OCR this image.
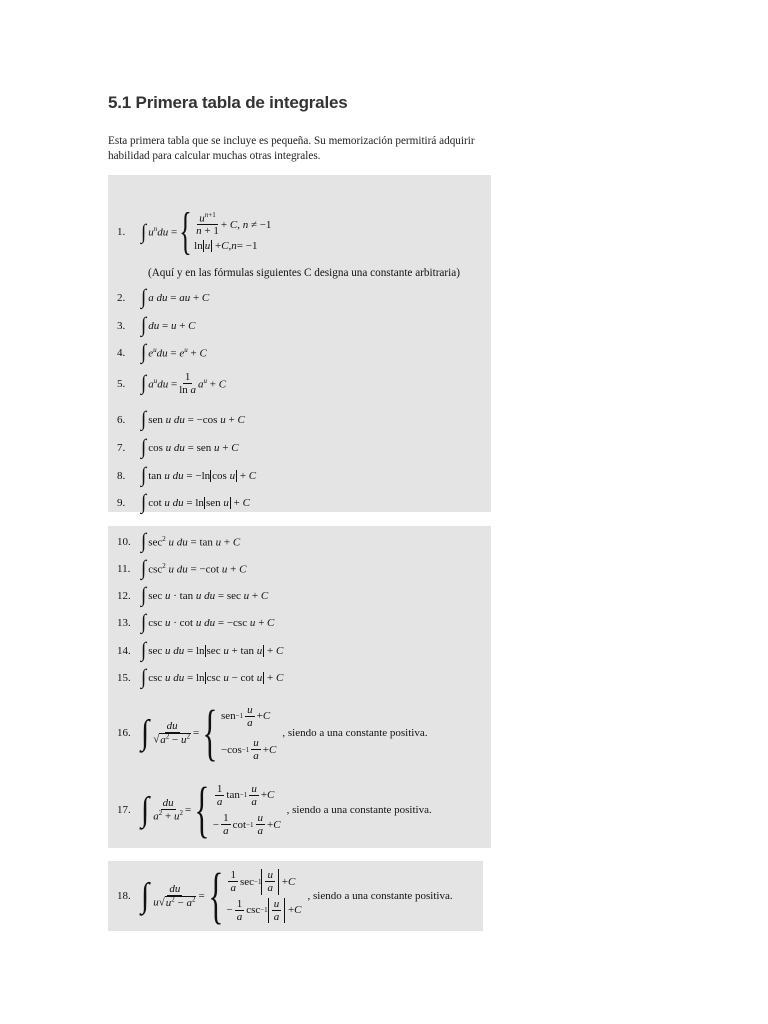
5.1 Primera tabla de integrales

Esta primera tabla que se incluye es pequeña. Su memorización permitirá adquirir habilidad para calcular muchas otras integrales.

1. ∫ $u^ndu$ = { $\frac{u^{n+1}}{n + 1} + C$, n ≠ −1
ln u + C , n = −1
(Aquí y en las fórmulas siguientes C designa una constante arbitraria)
2. ∫ a du = au + C
3. ∫ du = u + C
4. ∫ $e^udu = e^u + C$
5. ∫ $a^udu = \frac{1}{\text{ln a}} a^u + C$
6. ∫ sen u du = −cos u + C
7. ∫ cos u du = sen u + C
8. ∫ tan u du = −ln cos u + C
9. ∫ cot u du = ln sen u + C
10. ∫ $\sec^2 u$ du = tan u + C
11. ∫ $\csc^2 u$ du = −cot u + C
12. ∫ sec u · tan u du = sec u + C
13. ∫ csc u · cot u du = −csc u + C
14. ∫ sec u du = ln sec u + tan u + C
15. ∫ csc u du = ln csc u − cot u + C
16. ∫ $\frac{du}{√a^2 - u^2}$ = { sen $-1 \frac{u}{a} + C$
$-\cos -1 \frac{u}{a} + C$
, siendo a una constante positiva.
17. ∫ $\frac{du}{a^2 + u^2}$ = { $\frac{1}{a}$ $\tan -1 \frac{u}{a} + C$
− $\frac{1}{a}$ $\cot -1 \frac{u}{a} + C$
, siendo a una constante positiva.
18. ∫ $\frac{du}{u√u^2 - a^2}$ = { $\frac{1}{a}$ $\sec -1 \frac{u}{a} + C$
− $\frac{1}{a}$ $\csc -1 \frac{u}{a} + C$
, siendo a una constante positiva.
